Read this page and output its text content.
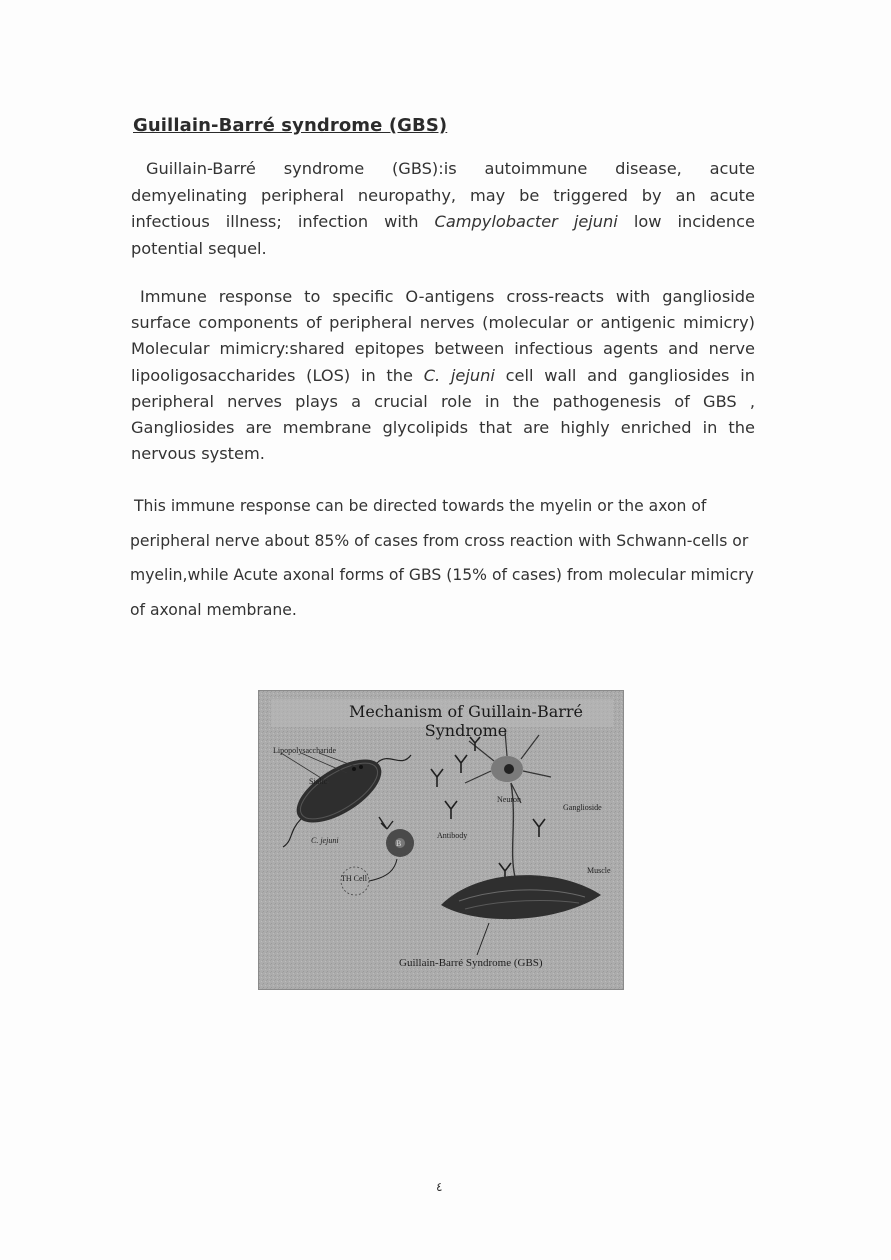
Guillain-Barré syndrome (GBS)

Guillain-Barré syndrome (GBS):is autoimmune disease, acute demyelinating peripheral neuropathy, may be triggered by an acute infectious illness; infection with Campylobacter jejuni low incidence potential sequel.

Immune response to specific O-antigens cross-reacts with ganglioside surface components of peripheral nerves (molecular or antigenic mimicry) Molecular mimicry:shared epitopes between infectious agents and nerve lipooligosaccharides (LOS) in the C. jejuni cell wall and gangliosides in peripheral nerves plays a crucial role in the pathogenesis of GBS , Gangliosides are membrane glycolipids that are highly enriched in the nervous system.

This immune response can be directed towards the myelin or the axon of peripheral nerve about 85% of cases from cross reaction with Schwann-cells or myelin,while Acute axonal forms of GBS (15% of cases) from molecular mimicry of axonal membrane.

Mechanism of Guillain-Barré Syndrome
Lipopolysaccharide
Sialic
C. jejuni
TH Cell
B
Antibody
Neuron
Ganglioside
Muscle
Guillain-Barré Syndrome (GBS)
٤
